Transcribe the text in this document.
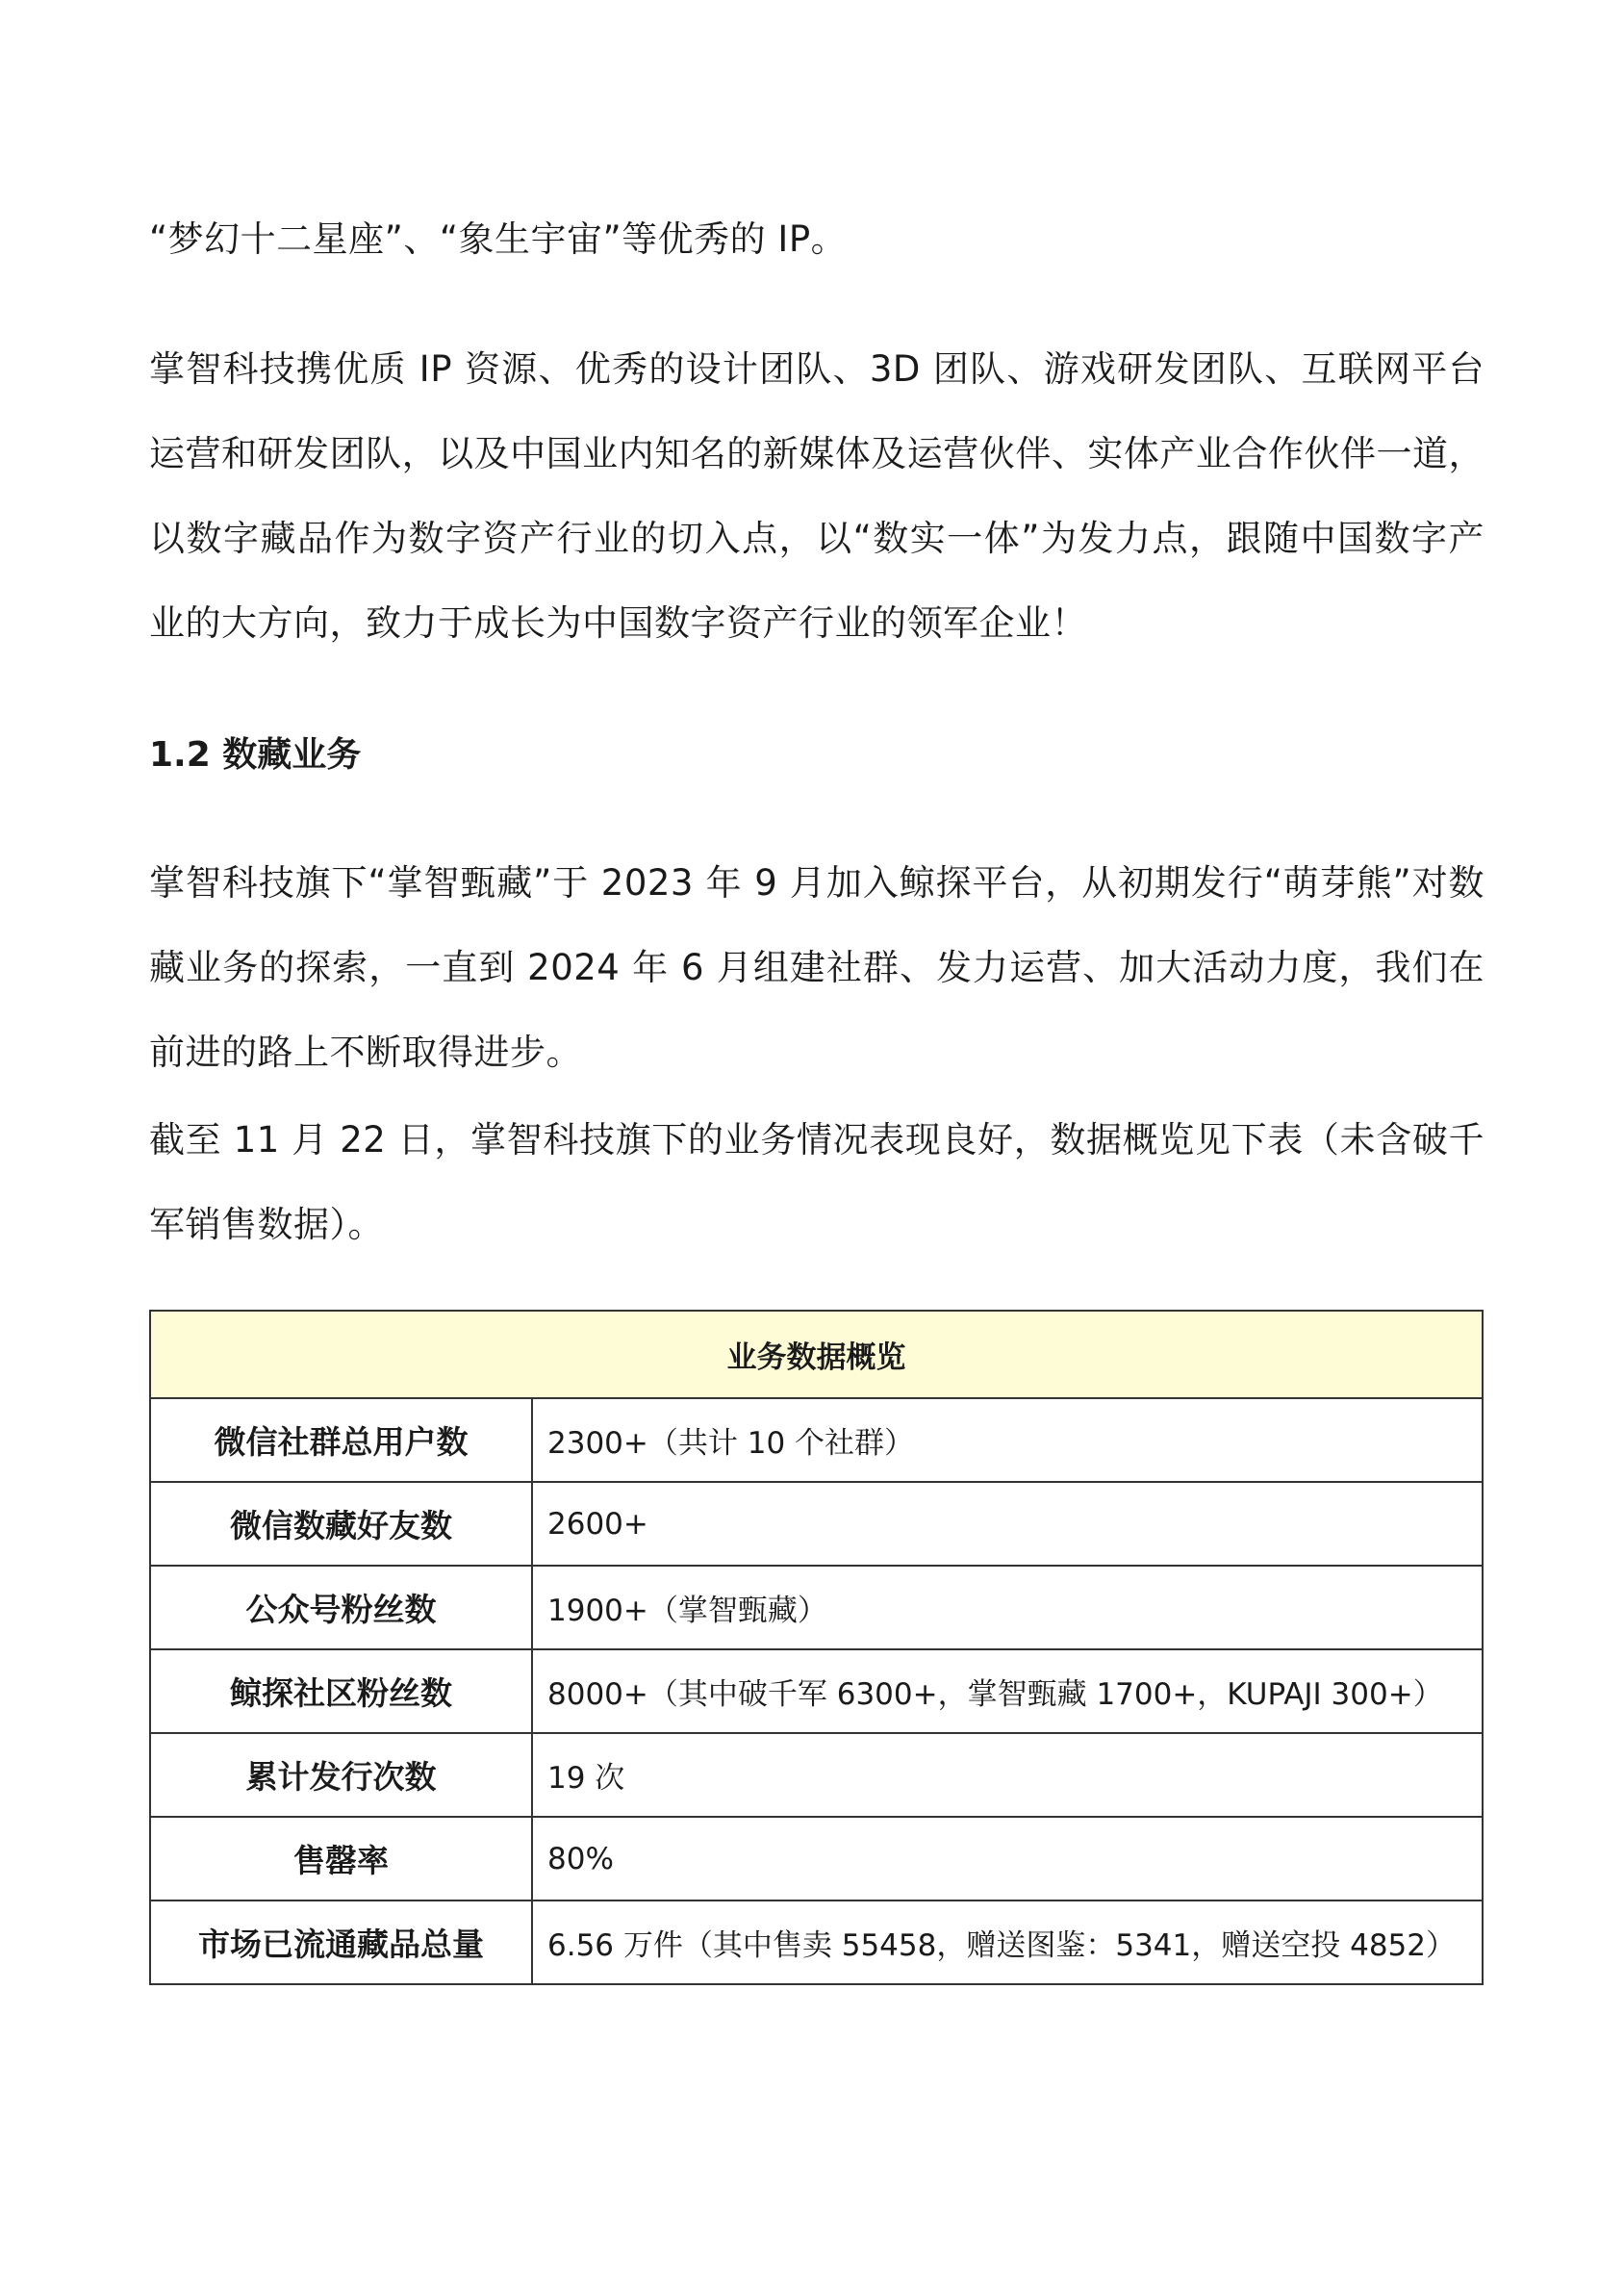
“梦幻十二星座”、“象生宇宙”等优秀的 IP。

掌智科技携优质 IP 资源、优秀的设计团队、3D 团队、游戏研发团队、互联网平台运营和研发团队，以及中国业内知名的新媒体及运营伙伴、实体产业合作伙伴一道，以数字藏品作为数字资产行业的切入点，以“数实一体”为发力点，跟随中国数字产业的大方向，致力于成长为中国数字资产行业的领军企业！

1.2 数藏业务

掌智科技旗下“掌智甄藏”于 2023 年 9 月加入鲸探平台，从初期发行“萌芽熊”对数藏业务的探索，一直到 2024 年 6 月组建社群、发力运营、加大活动力度，我们在前进的路上不断取得进步。

截至 11 月 22 日，掌智科技旗下的业务情况表现良好，数据概览见下表（未含破千军销售数据）。

业务数据概览	
微信社群总用户数	2300+（共计 10 个社群）
微信数藏好友数	2600+
公众号粉丝数	1900+（掌智甄藏）
鲸探社区粉丝数	8000+（其中破千军 6300+，掌智甄藏 1700+，KUPAJI 300+）
累计发行次数	19 次
售罄率	80%
市场已流通藏品总量	6.56 万件（其中售卖 55458，赠送图鉴：5341，赠送空投 4852）
